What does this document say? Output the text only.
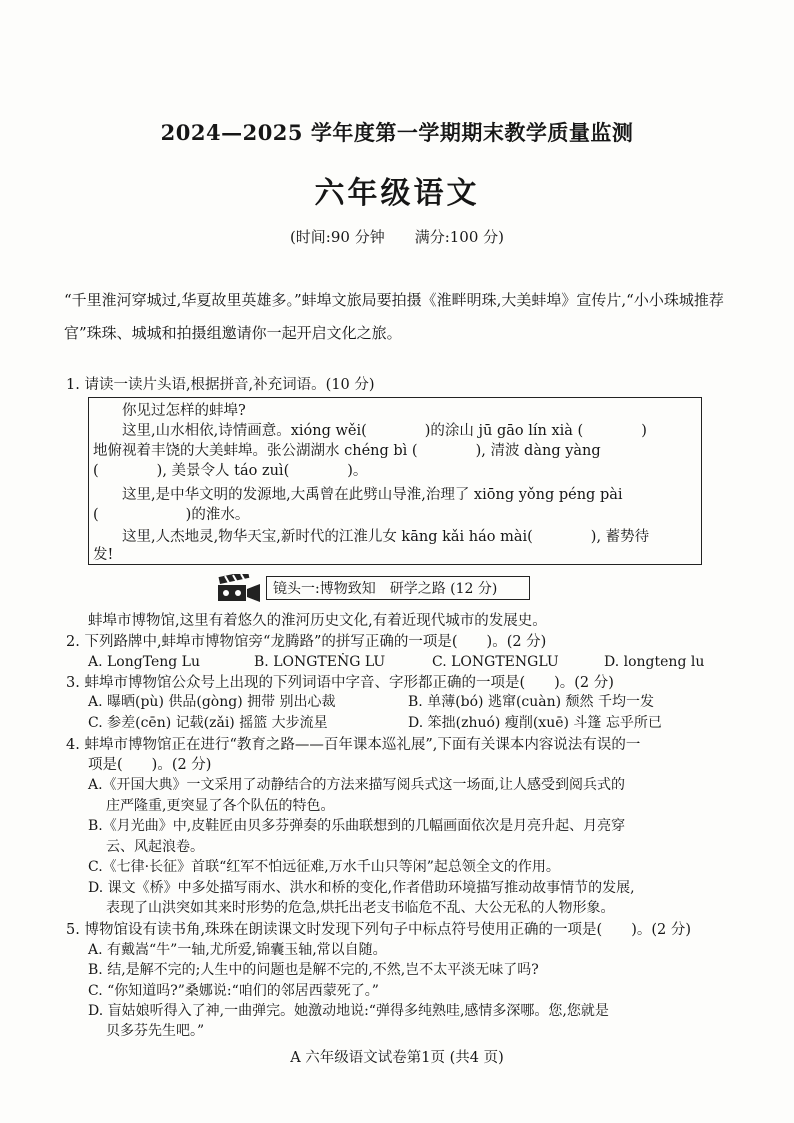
2024—2025 学年度第一学期期末教学质量监测
六年级语文
(时间:90 分钟　　满分:100 分)
“千里淮河穿城过,华夏故里英雄多。”蚌埠文旅局要拍摄《淮畔明珠,大美蚌埠》宣传片,“小小珠城推荐官”珠珠、城城和拍摄组邀请你一起开启文化之旅。
1. 请读一读片头语,根据拼音,补充词语。(10 分)
　　你见过怎样的蚌埠?
　　这里,山水相依,诗情画意。xióng wěi(　　　　)的涂山 jū gāo lín xià (　　　　)
地俯视着丰饶的大美蚌埠。张公湖湖水 chéng bì (　　　　), 清波 dàng yàng
(　　　　), 美景令人 táo zuì(　　　　)。
　　这里,是中华文明的发源地,大禹曾在此劈山导淮,治理了 xiōng yǒng péng pài
(　　　　　　)的淮水。
　　这里,人杰地灵,物华天宝,新时代的江淮儿女 kāng kǎi háo mài(　　　　), 蓄势待
发!
镜头一:博物致知　研学之路 (12 分)
蚌埠市博物馆,这里有着悠久的淮河历史文化,有着近现代城市的发展史。
2. 下列路牌中,蚌埠市博物馆旁“龙腾路”的拼写正确的一项是(　　)。(2 分)
A. LongTeng Lu	B. LONGTEṄG LU	C. LONGTENGLU	D. longteng lu
3. 蚌埠市博物馆公众号上出现的下列词语中字音、字形都正确的一项是(　　)。(2 分)
A. 曝晒(pù) 供品(gòng) 拥带 别出心裁	B. 单薄(bó) 逃窜(cuàn) 颓然 千均一发
C. 参差(cēn) 记载(zǎi) 摇篮 大步流星	D. 笨拙(zhuó) 瘦削(xuē) 斗篷 忘乎所已
4. 蚌埠市博物馆正在进行“教育之路——百年课本巡礼展”,下面有关课本内容说法有误的一
项是(　　)。(2 分)
A.《开国大典》一文采用了动静结合的方法来描写阅兵式这一场面,让人感受到阅兵式的
庄严隆重,更突显了各个队伍的特色。
B.《月光曲》中,皮鞋匠由贝多芬弹奏的乐曲联想到的几幅画面依次是月亮升起、月亮穿
云、风起浪卷。
C.《七律·长征》首联“红军不怕远征难,万水千山只等闲”起总领全文的作用。
D. 课文《桥》中多处描写雨水、洪水和桥的变化,作者借助环境描写推动故事情节的发展,
表现了山洪突如其来时形势的危急,烘托出老支书临危不乱、大公无私的人物形象。
5. 博物馆设有读书角,珠珠在朗读课文时发现下列句子中标点符号使用正确的一项是(　　)。(2 分)
A. 有戴嵩“牛”一轴,尤所爱,锦囊玉轴,常以自随。
B. 结,是解不完的;人生中的问题也是解不完的,不然,岂不太平淡无味了吗?
C. “你知道吗?”桑娜说:“咱们的邻居西蒙死了。”
D. 盲姑娘听得入了神,一曲弹完。她激动地说:“弹得多纯熟哇,感情多深哪。您,您就是
贝多芬先生吧。”
A 六年级语文试卷第1页 (共4 页)
